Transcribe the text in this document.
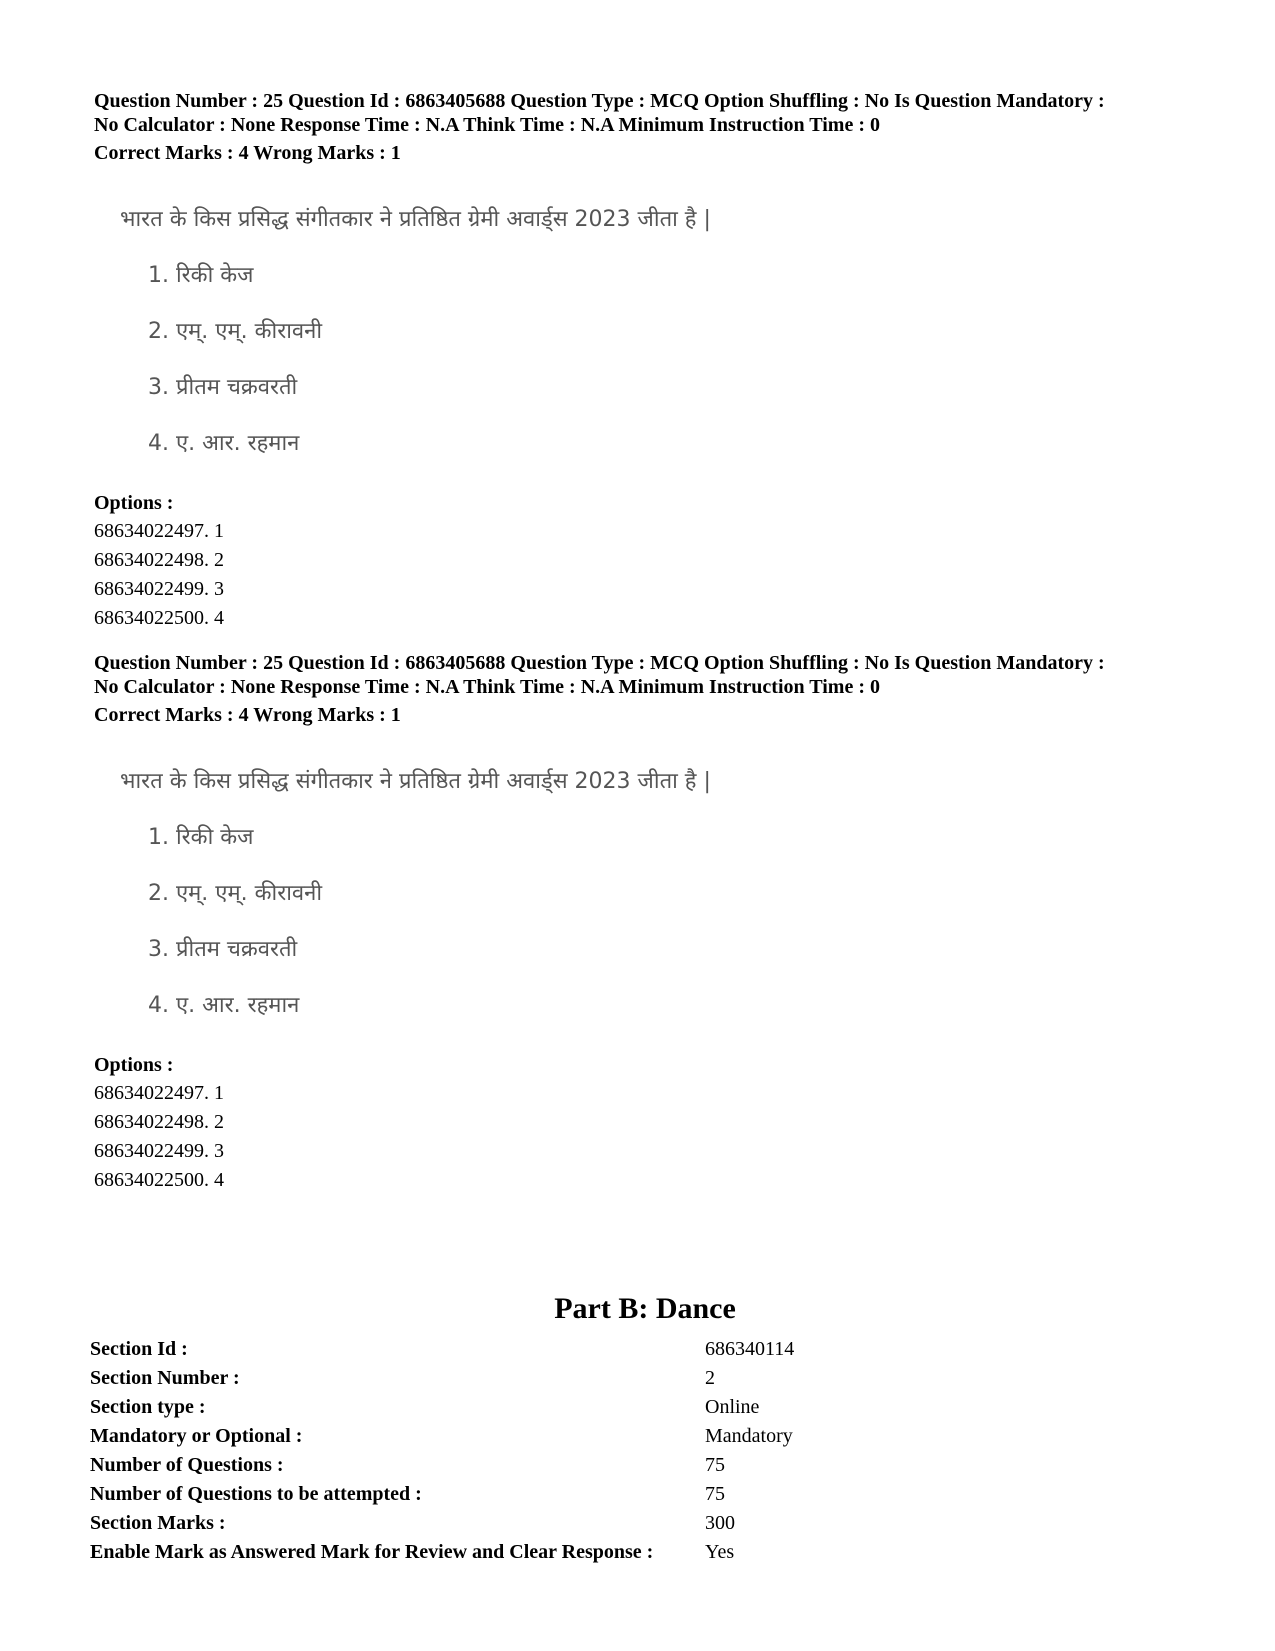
Question Number : 25 Question Id : 6863405688 Question Type : MCQ Option Shuffling : No Is Question Mandatory :
No Calculator : None Response Time : N.A Think Time : N.A Minimum Instruction Time : 0
Correct Marks : 4 Wrong Marks : 1
भारत के किस प्रसिद्ध संगीतकार ने प्रतिष्ठित ग्रेमी अवार्ड्स 2023 जीता है |
1. रिकी केज
2. एम्. एम्. कीरावनी
3. प्रीतम चक्रवरती
4. ए. आर. रहमान
Options :
68634022497. 1
68634022498. 2
68634022499. 3
68634022500. 4
Question Number : 25 Question Id : 6863405688 Question Type : MCQ Option Shuffling : No Is Question Mandatory :
No Calculator : None Response Time : N.A Think Time : N.A Minimum Instruction Time : 0
Correct Marks : 4 Wrong Marks : 1
भारत के किस प्रसिद्ध संगीतकार ने प्रतिष्ठित ग्रेमी अवार्ड्स 2023 जीता है |
1. रिकी केज
2. एम्. एम्. कीरावनी
3. प्रीतम चक्रवरती
4. ए. आर. रहमान
Options :
68634022497. 1
68634022498. 2
68634022499. 3
68634022500. 4
Part B: Dance
Section Id :	686340114
Section Number :	2
Section type :	Online
Mandatory or Optional :	Mandatory
Number of Questions :	75
Number of Questions to be attempted :	75
Section Marks :	300
Enable Mark as Answered Mark for Review and Clear Response :	Yes
